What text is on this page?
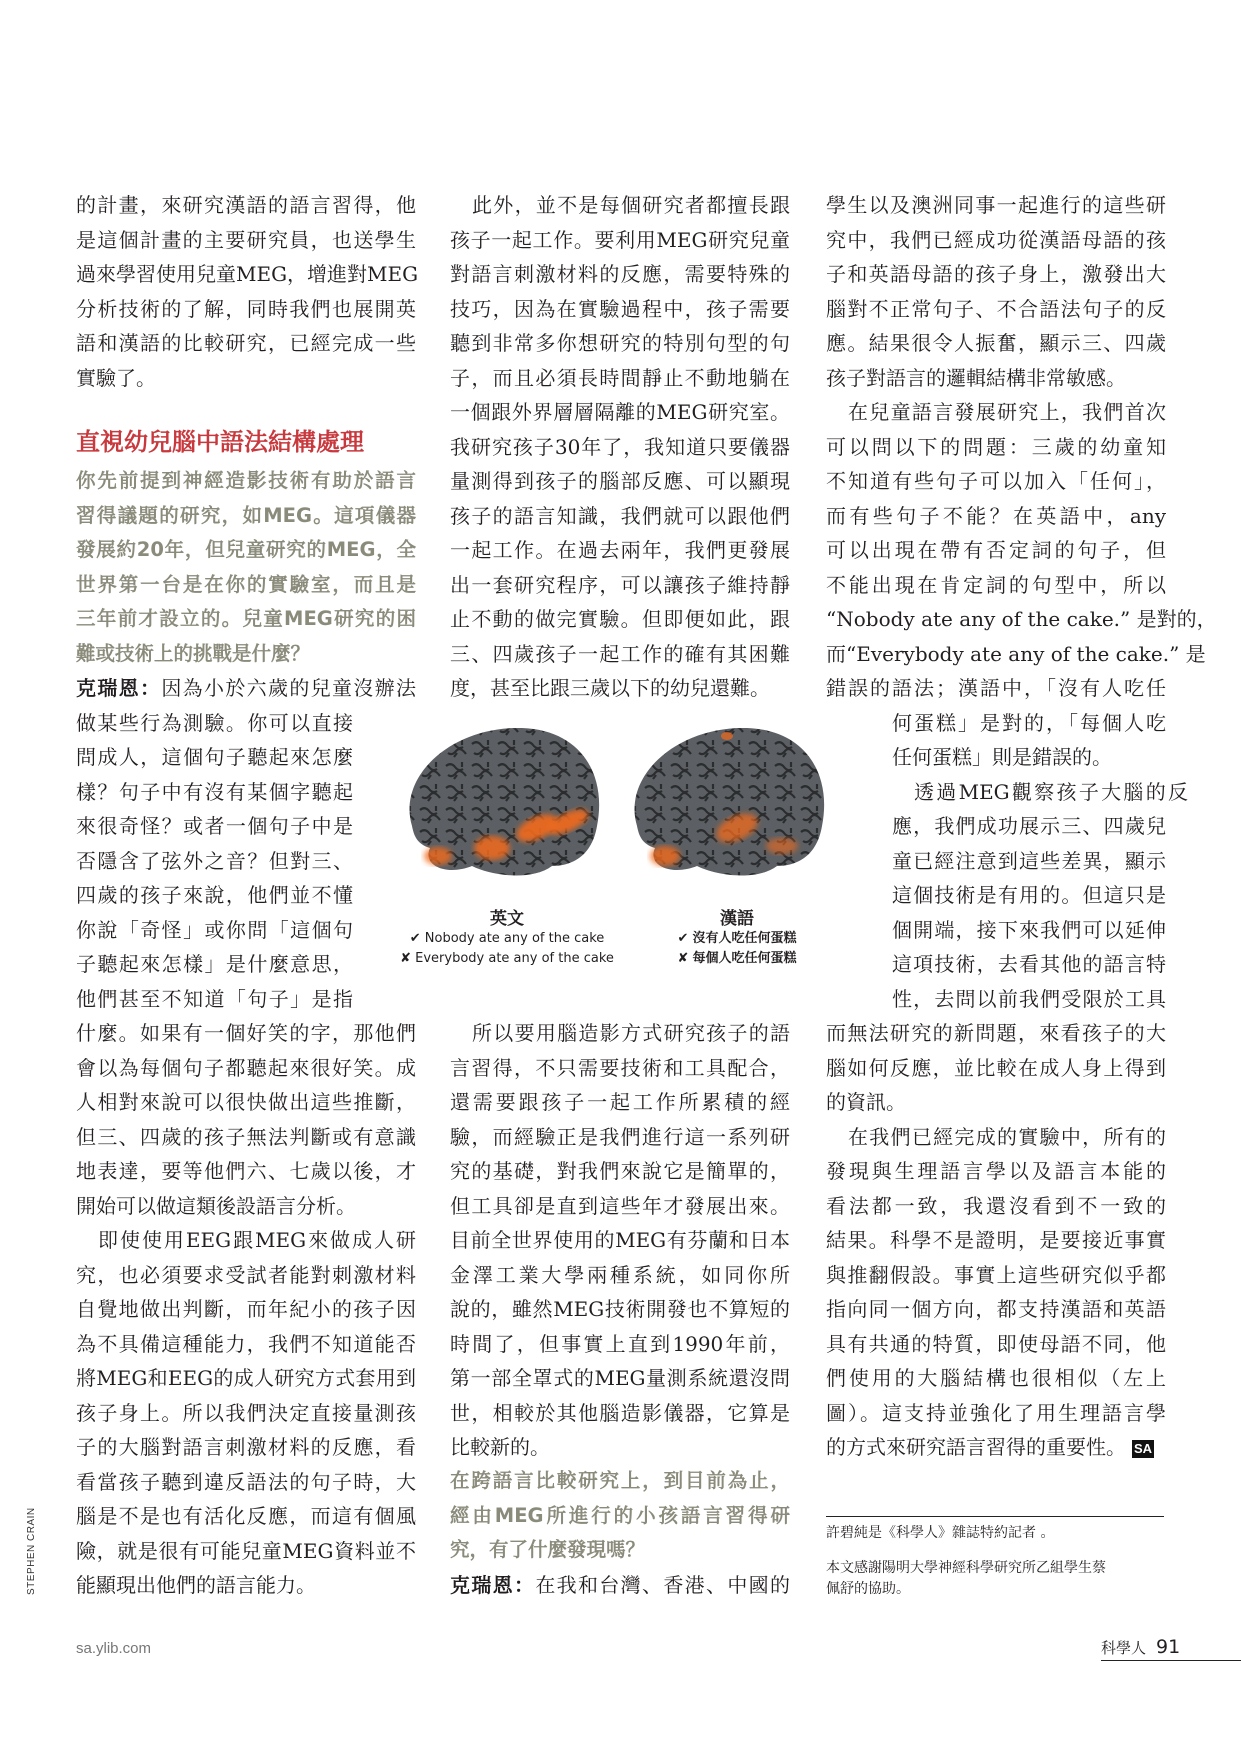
的計畫，來研究漢語的語言習得，他
是這個計畫的主要研究員，也送學生
過來學習使用兒童MEG，增進對MEG
分析技術的了解，同時我們也展開英
語和漢語的比較研究，已經完成一些
實驗了。
直視幼兒腦中語法結構處理
你先前提到神經造影技術有助於語言
習得議題的研究，如MEG。這項儀器
發展約20年，但兒童研究的MEG，全
世界第一台是在你的實驗室，而且是
三年前才設立的。兒童MEG研究的困
難或技術上的挑戰是什麼？
克瑞恩：因為小於六歲的兒童沒辦法
做某些行為測驗。你可以直接
問成人，這個句子聽起來怎麼
樣？句子中有沒有某個字聽起
來很奇怪？或者一個句子中是
否隱含了弦外之音？但對三、
四歲的孩子來說，他們並不懂
你說「奇怪」或你問「這個句
子聽起來怎樣」是什麼意思，
他們甚至不知道「句子」是指
什麼。如果有一個好笑的字，那他們
會以為每個句子都聽起來很好笑。成
人相對來說可以很快做出這些推斷，
但三、四歲的孩子無法判斷或有意識
地表達，要等他們六、七歲以後，才
開始可以做這類後設語言分析。
即使使用EEG跟MEG來做成人研
究，也必須要求受試者能對刺激材料
自覺地做出判斷，而年紀小的孩子因
為不具備這種能力，我們不知道能否
將MEG和EEG的成人研究方式套用到
孩子身上。所以我們決定直接量測孩
子的大腦對語言刺激材料的反應，看
看當孩子聽到違反語法的句子時，大
腦是不是也有活化反應，而這有個風
險，就是很有可能兒童MEG資料並不
能顯現出他們的語言能力。
此外，並不是每個研究者都擅長跟
孩子一起工作。要利用MEG研究兒童
對語言刺激材料的反應，需要特殊的
技巧，因為在實驗過程中，孩子需要
聽到非常多你想研究的特別句型的句
子，而且必須長時間靜止不動地躺在
一個跟外界層層隔離的MEG研究室。
我研究孩子30年了，我知道只要儀器
量測得到孩子的腦部反應、可以顯現
孩子的語言知識，我們就可以跟他們
一起工作。在過去兩年，我們更發展
出一套研究程序，可以讓孩子維持靜
止不動的做完實驗。但即便如此，跟
三、四歲孩子一起工作的確有其困難
度，甚至比跟三歲以下的幼兒還難。
所以要用腦造影方式研究孩子的語
言習得，不只需要技術和工具配合，
還需要跟孩子一起工作所累積的經
驗，而經驗正是我們進行這一系列研
究的基礎，對我們來說它是簡單的，
但工具卻是直到這些年才發展出來。
目前全世界使用的MEG有芬蘭和日本
金澤工業大學兩種系統，如同你所
說的，雖然MEG技術開發也不算短的
時間了，但事實上直到1990年前，
第一部全罩式的MEG量測系統還沒問
世，相較於其他腦造影儀器，它算是
比較新的。
在跨語言比較研究上，到目前為止，
經由MEG所進行的小孩語言習得研
究，有了什麼發現嗎？
克瑞恩：在我和台灣、香港、中國的
英文
✔ Nobody ate any of the cake
✘ Everybody ate any of the cake
漢語
✔ 沒有人吃任何蛋糕
✘ 每個人吃任何蛋糕
學生以及澳洲同事一起進行的這些研
究中，我們已經成功從漢語母語的孩
子和英語母語的孩子身上，激發出大
腦對不正常句子、不合語法句子的反
應。結果很令人振奮，顯示三、四歲
孩子對語言的邏輯結構非常敏感。
在兒童語言發展研究上，我們首次
可以問以下的問題：三歲的幼童知
不知道有些句子可以加入「任何」，
而有些句子不能？在英語中，any
可以出現在帶有否定詞的句子，但
不能出現在肯定詞的句型中，所以
“Nobody ate any of the cake.” 是對的，
而“Everybody ate any of the cake.” 是
錯誤的語法；漢語中，「沒有人吃任
何蛋糕」是對的，「每個人吃
任何蛋糕」則是錯誤的。
透過MEG觀察孩子大腦的反
應，我們成功展示三、四歲兒
童已經注意到這些差異，顯示
這個技術是有用的。但這只是
個開端，接下來我們可以延伸
這項技術，去看其他的語言特
性，去問以前我們受限於工具
而無法研究的新問題，來看孩子的大
腦如何反應，並比較在成人身上得到
的資訊。
在我們已經完成的實驗中，所有的
發現與生理語言學以及語言本能的
看法都一致，我還沒看到不一致的
結果。科學不是證明，是要接近事實
與推翻假設。事實上這些研究似乎都
指向同一個方向，都支持漢語和英語
具有共通的特質，即使母語不同，他
們使用的大腦結構也很相似（左上
圖）。這支持並強化了用生理語言學
的方式來研究語言習得的重要性。 SA
STEPHEN CRAIN	許碧純是《科學人》雜誌特約記者 。
本文感謝陽明大學神經科學研究所乙組學生蔡
佩舒的協助。
sa.ylib.com	科學人 91
